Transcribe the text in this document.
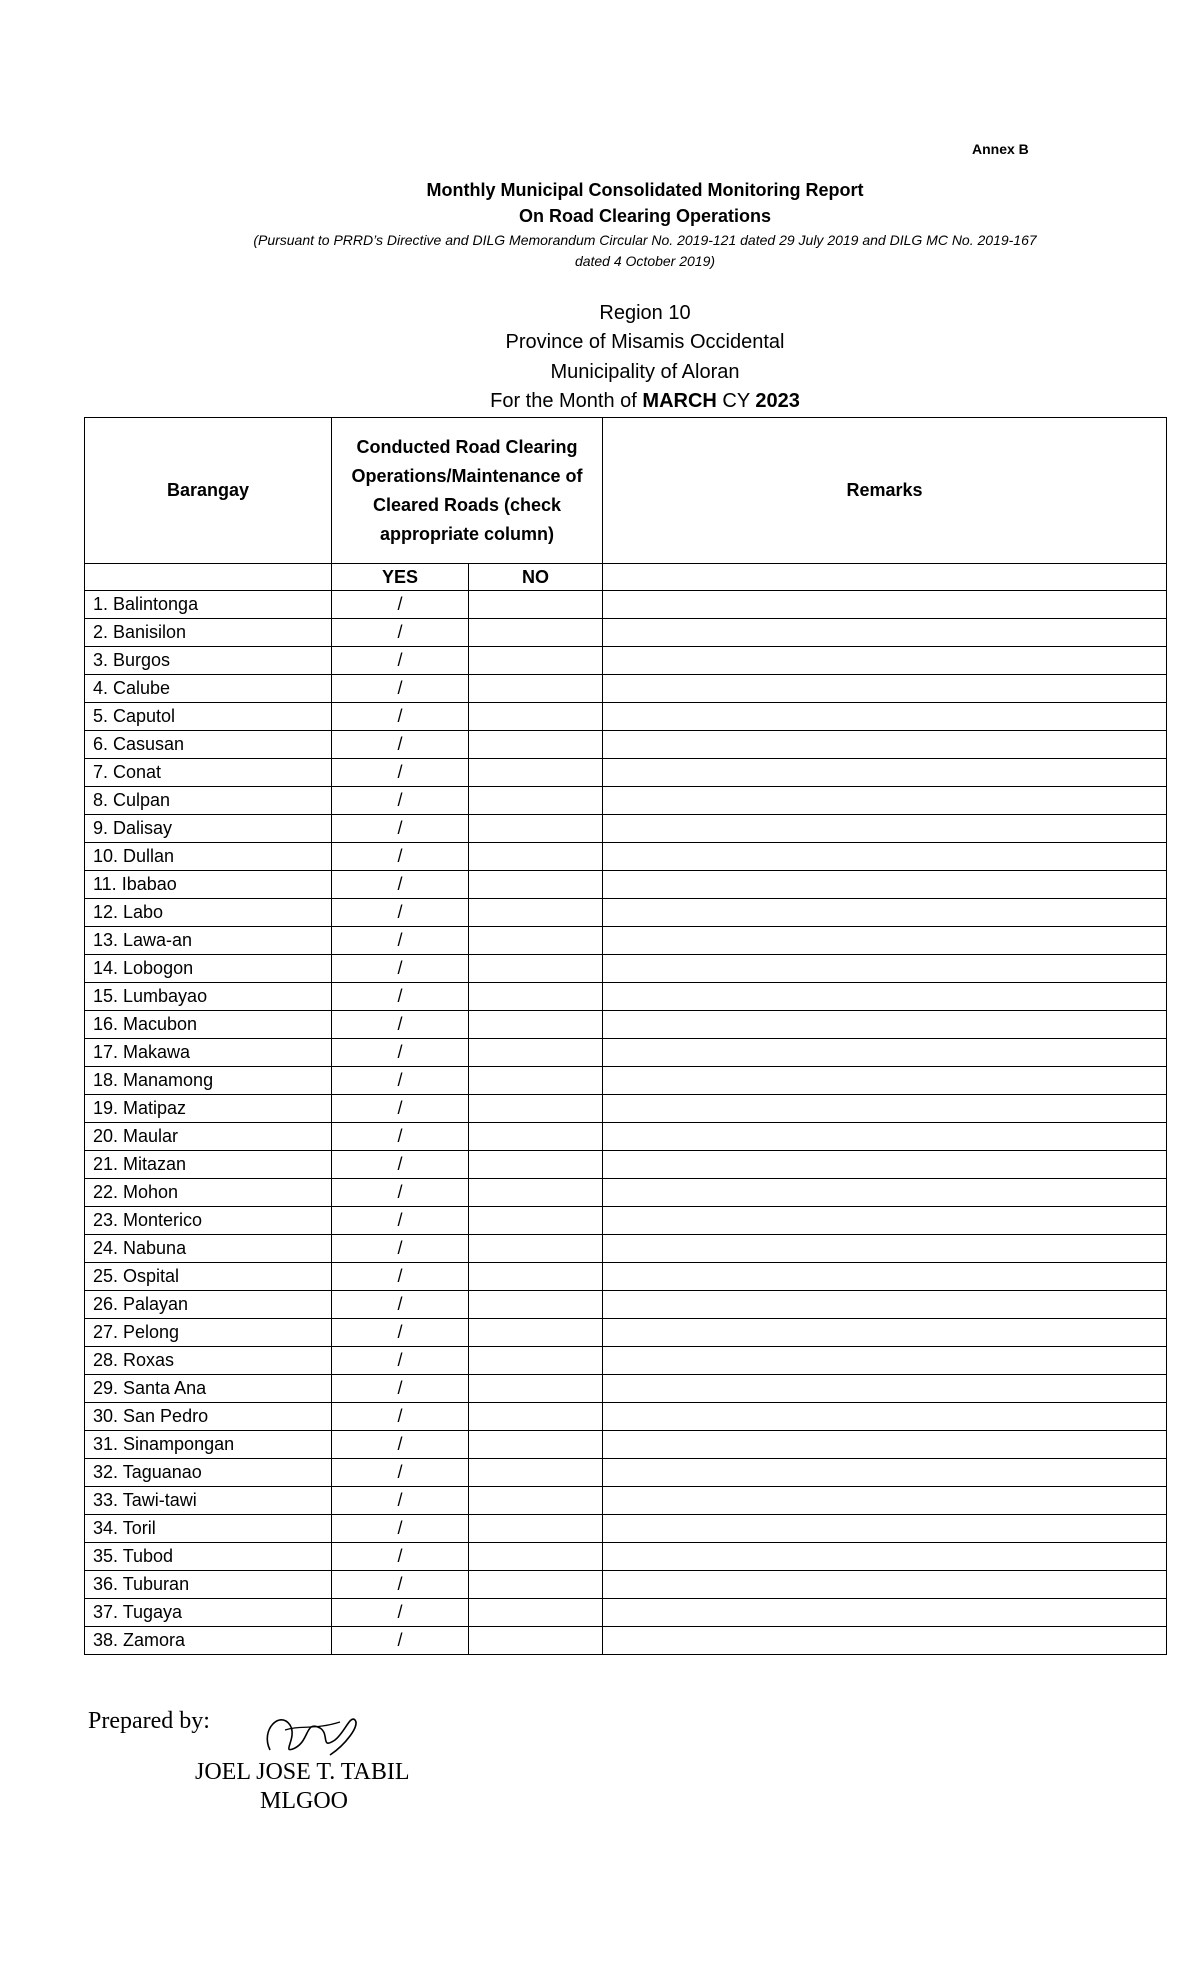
Annex B
Monthly Municipal Consolidated Monitoring Report
On Road Clearing Operations
(Pursuant to PRRD’s Directive and DILG Memorandum Circular No. 2019-121 dated 29 July 2019 and DILG MC No. 2019-167
dated 4 October 2019)
Region 10
Province of Misamis Occidental
Municipality of Aloran
For the Month of MARCH CY 2023
Barangay	Conducted Road Clearing Operations/Maintenance of Cleared Roads (check appropriate column)		Remarks
	YES	NO	
1. Balintonga	/		
2. Banisilon	/		
3. Burgos	/		
4. Calube	/		
5. Caputol	/		
6. Casusan	/		
7. Conat	/		
8. Culpan	/		
9. Dalisay	/		
10. Dullan	/		
11. Ibabao	/		
12. Labo	/		
13. Lawa-an	/		
14. Lobogon	/		
15. Lumbayao	/		
16. Macubon	/		
17. Makawa	/		
18. Manamong	/		
19. Matipaz	/		
20. Maular	/		
21. Mitazan	/		
22. Mohon	/		
23. Monterico	/		
24. Nabuna	/		
25. Ospital	/		
26. Palayan	/		
27. Pelong	/		
28. Roxas	/		
29. Santa Ana	/		
30. San Pedro	/		
31. Sinampongan	/		
32. Taguanao	/		
33. Tawi-tawi	/		
34. Toril	/		
35. Tubod	/		
36. Tuburan	/		
37. Tugaya	/		
38. Zamora	/		
Prepared by:
JOEL JOSE T. TABIL
MLGOO
